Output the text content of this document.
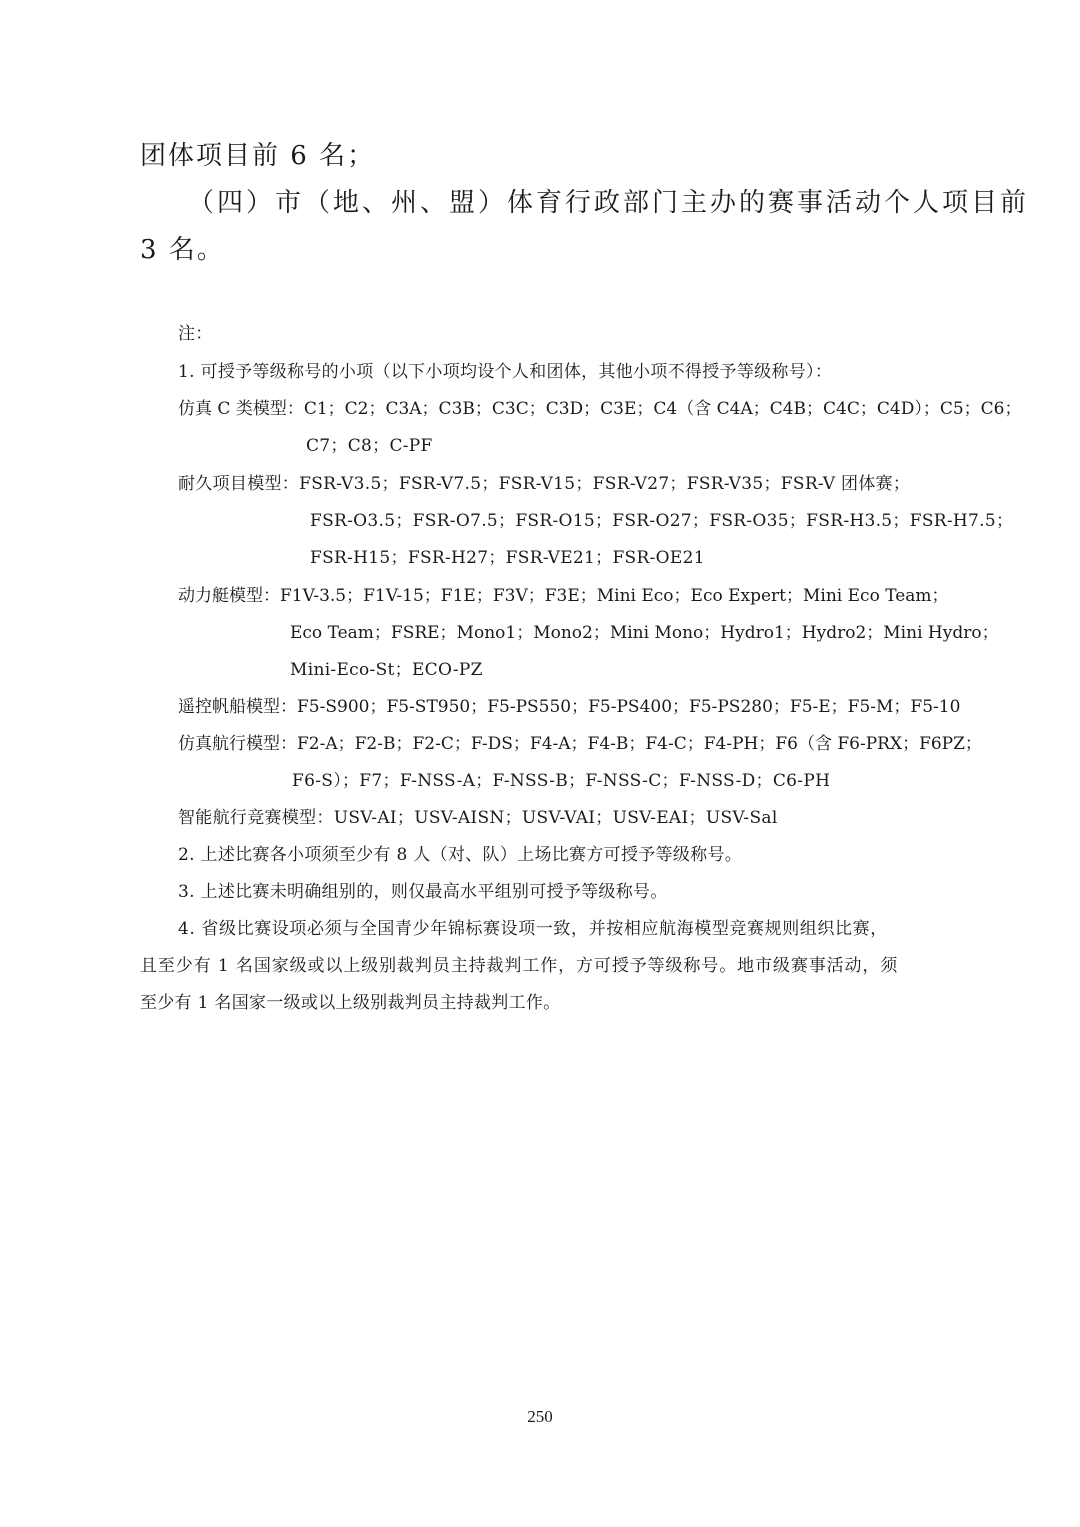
团体项目前 6 名；

（四）市（地、州、盟）体育行政部门主办的赛事活动个人项目前

3 名。

注：

1. 可授予等级称号的小项（以下小项均设个人和团体，其他小项不得授予等级称号）：

仿真 C 类模型：C1；C2；C3A；C3B；C3C；C3D；C3E；C4（含 C4A；C4B；C4C；C4D）；C5；C6；

C7；C8；C-PF

耐久项目模型：FSR-V3.5；FSR-V7.5；FSR-V15；FSR-V27；FSR-V35；FSR-V 团体赛；

FSR-O3.5；FSR-O7.5；FSR-O15；FSR-O27；FSR-O35；FSR-H3.5；FSR-H7.5；

FSR-H15；FSR-H27；FSR-VE21；FSR-OE21

动力艇模型：F1V-3.5；F1V-15；F1E；F3V；F3E；Mini Eco；Eco Expert；Mini Eco Team；

Eco Team；FSRE；Mono1；Mono2；Mini Mono；Hydro1；Hydro2；Mini Hydro；

Mini-Eco-St；ECO-PZ

遥控帆船模型：F5-S900；F5-ST950；F5-PS550；F5-PS400；F5-PS280；F5-E；F5-M；F5-10

仿真航行模型：F2-A；F2-B；F2-C；F-DS；F4-A；F4-B；F4-C；F4-PH；F6（含 F6-PRX；F6PZ；

F6-S）；F7；F-NSS-A；F-NSS-B；F-NSS-C；F-NSS-D；C6-PH

智能航行竞赛模型：USV-AI；USV-AISN；USV-VAI；USV-EAI；USV-Sal

2. 上述比赛各小项须至少有 8 人（对、队）上场比赛方可授予等级称号。

3. 上述比赛未明确组别的，则仅最高水平组别可授予等级称号。

4. 省级比赛设项必须与全国青少年锦标赛设项一致，并按相应航海模型竞赛规则组织比赛，

且至少有 1 名国家级或以上级别裁判员主持裁判工作，方可授予等级称号。地市级赛事活动，须

至少有 1 名国家一级或以上级别裁判员主持裁判工作。

250
